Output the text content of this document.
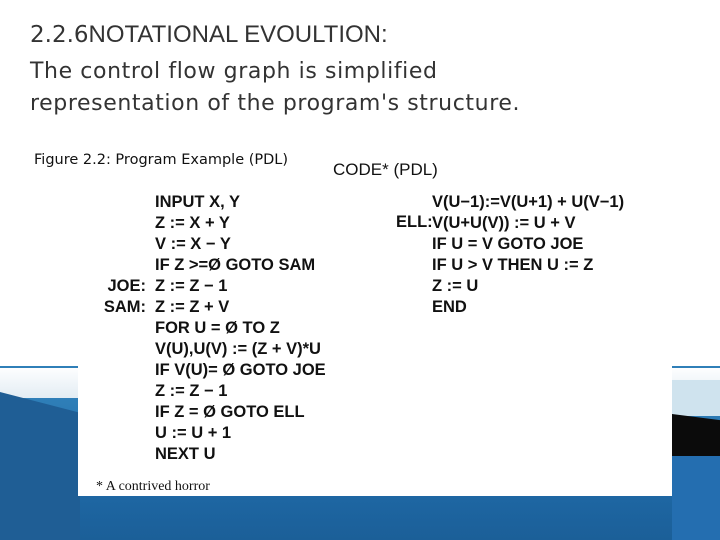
2.2.6NOTATIONAL EVOULTION:
The control flow graph is simplified
representation of the program's structure.
Figure 2.2: Program Example (PDL)	CODE* (PDL)
JOE:
SAM:
INPUT X, Y
Z := X + Y
V := X − Y
IF Z >=Ø GOTO SAM
Z := Z − 1
Z := Z + V
FOR U = Ø TO Z
V(U),U(V) := (Z + V)*U
IF V(U)= Ø GOTO JOE
Z := Z − 1
IF Z = Ø GOTO ELL
U := U + 1
NEXT U
ELL:
V(U−1):=V(U+1) + U(V−1)
V(U+U(V)) := U + V
IF U = V GOTO JOE
IF U > V THEN U := Z
Z := U
END
* A contrived horror
